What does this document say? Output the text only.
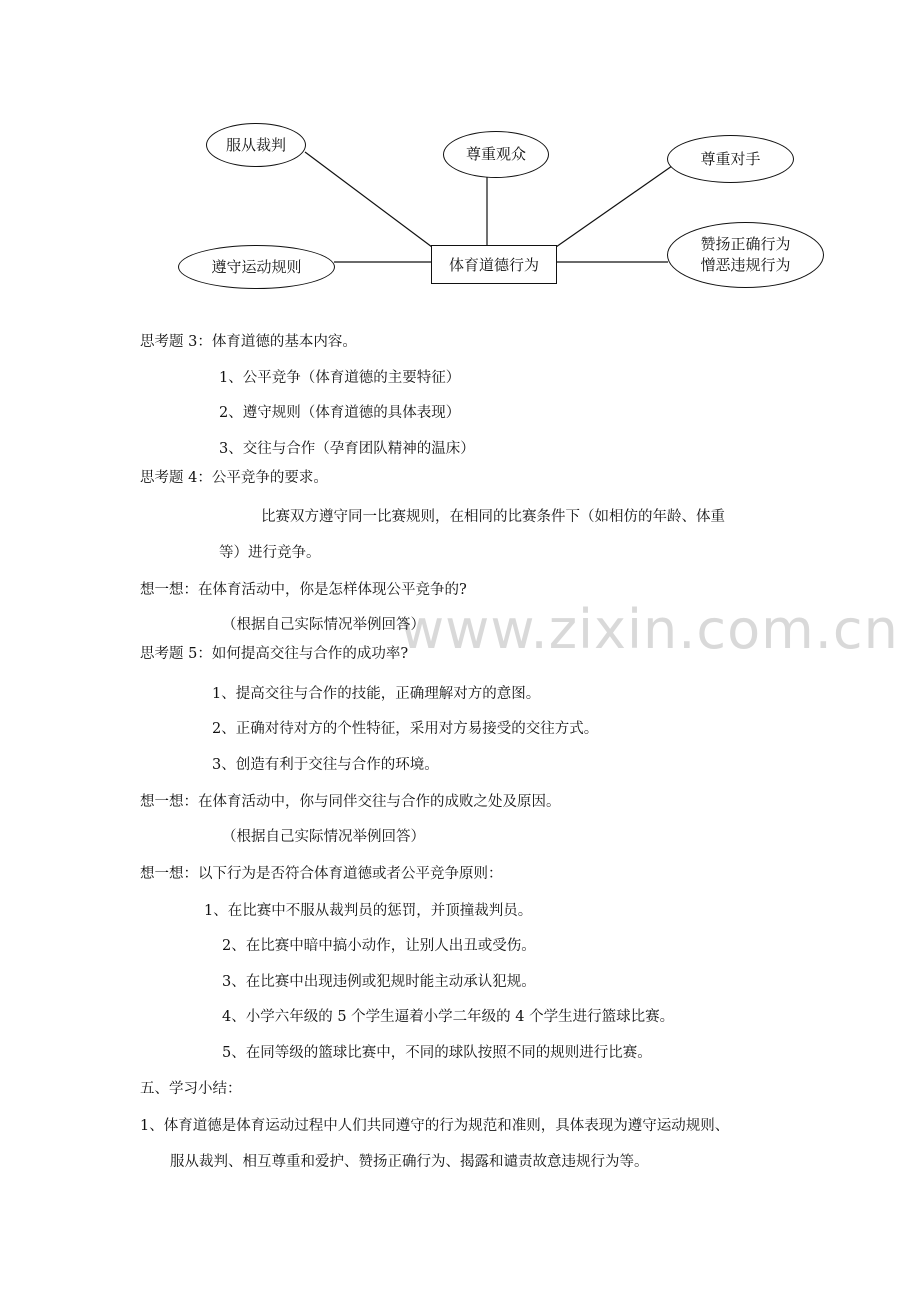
服从裁判
尊重观众	尊重对手
遵守运动规则
赞扬正确行为
憎恶违规行为
体育道德行为
www.zixin.com.cn
思考题 3：体育道德的基本内容。
1、公平竞争（体育道德的主要特征）
2、遵守规则（体育道德的具体表现）
3、交往与合作（孕育团队精神的温床）
思考题 4：公平竞争的要求。
比赛双方遵守同一比赛规则，在相同的比赛条件下（如相仿的年龄、体重
等）进行竞争。
想一想：在体育活动中，你是怎样体现公平竞争的?
（根据自己实际情况举例回答）
思考题 5：如何提高交往与合作的成功率?
1、提高交往与合作的技能，正确理解对方的意图。
2、正确对待对方的个性特征，采用对方易接受的交往方式。
3、创造有利于交往与合作的环境。
想一想：在体育活动中，你与同伴交往与合作的成败之处及原因。
（根据自己实际情况举例回答）
想一想：以下行为是否符合体育道德或者公平竞争原则：
1、在比赛中不服从裁判员的惩罚，并顶撞裁判员。
2、在比赛中暗中搞小动作，让别人出丑或受伤。
3、在比赛中出现违例或犯规时能主动承认犯规。
4、小学六年级的 5 个学生逼着小学二年级的 4 个学生进行篮球比赛。
5、在同等级的篮球比赛中，不同的球队按照不同的规则进行比赛。
五、学习小结：
1、体育道德是体育运动过程中人们共同遵守的行为规范和准则，具体表现为遵守运动规则、
服从裁判、相互尊重和爱护、赞扬正确行为、揭露和谴责故意违规行为等。
